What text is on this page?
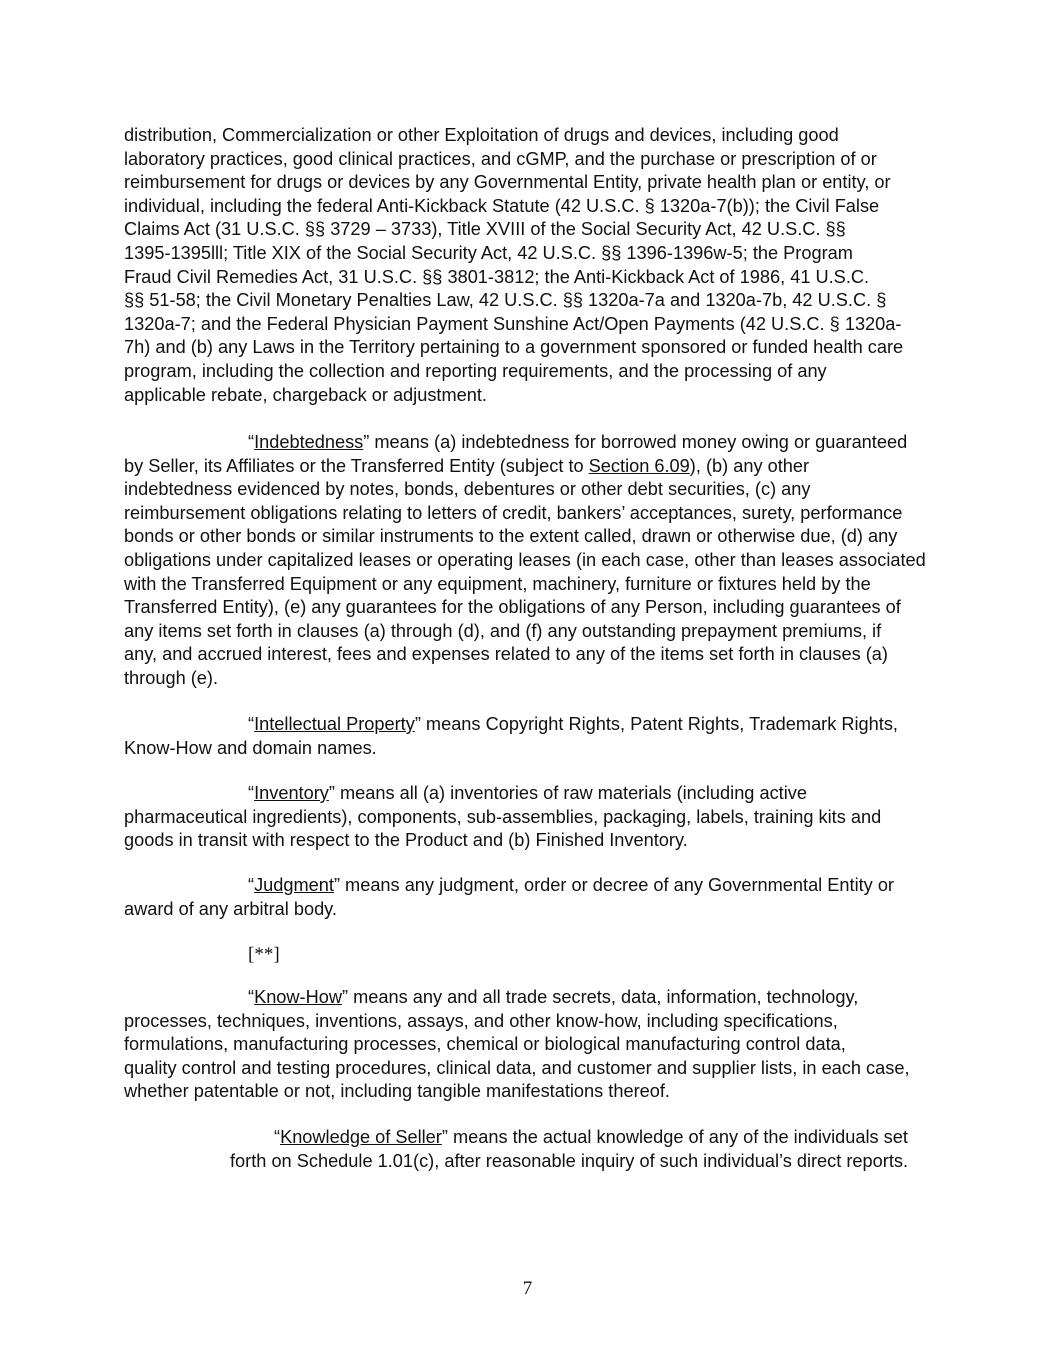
distribution, Commercialization or other Exploitation of drugs and devices, including good
laboratory practices, good clinical practices, and cGMP, and the purchase or prescription of or
reimbursement for drugs or devices by any Governmental Entity, private health plan or entity, or
individual, including the federal Anti-Kickback Statute (42 U.S.C. § 1320a-7(b)); the Civil False
Claims Act (31 U.S.C. §§ 3729 – 3733), Title XVIII of the Social Security Act, 42 U.S.C. §§
1395-1395lll; Title XIX of the Social Security Act, 42 U.S.C. §§ 1396-1396w-5; the Program
Fraud Civil Remedies Act, 31 U.S.C. §§ 3801-3812; the Anti-Kickback Act of 1986, 41 U.S.C.
§§ 51-58; the Civil Monetary Penalties Law, 42 U.S.C. §§ 1320a-7a and 1320a-7b, 42 U.S.C. §
1320a-7; and the Federal Physician Payment Sunshine Act/Open Payments (42 U.S.C. § 1320a-
7h) and (b) any Laws in the Territory pertaining to a government sponsored or funded health care
program, including the collection and reporting requirements, and the processing of any
applicable rebate, chargeback or adjustment.
“Indebtedness” means (a) indebtedness for borrowed money owing or guaranteed
by Seller, its Affiliates or the Transferred Entity (subject to Section 6.09), (b) any other
indebtedness evidenced by notes, bonds, debentures or other debt securities, (c) any
reimbursement obligations relating to letters of credit, bankers’ acceptances, surety, performance
bonds or other bonds or similar instruments to the extent called, drawn or otherwise due, (d) any
obligations under capitalized leases or operating leases (in each case, other than leases associated
with the Transferred Equipment or any equipment, machinery, furniture or fixtures held by the
Transferred Entity), (e) any guarantees for the obligations of any Person, including guarantees of
any items set forth in clauses (a) through (d), and (f) any outstanding prepayment premiums, if
any, and accrued interest, fees and expenses related to any of the items set forth in clauses (a)
through (e).
“Intellectual Property” means Copyright Rights, Patent Rights, Trademark Rights,
Know-How and domain names.
“Inventory” means all (a) inventories of raw materials (including active
pharmaceutical ingredients), components, sub-assemblies, packaging, labels, training kits and
goods in transit with respect to the Product and (b) Finished Inventory.
“Judgment” means any judgment, order or decree of any Governmental Entity or
award of any arbitral body.
[**]
“Know-How” means any and all trade secrets, data, information, technology,
processes, techniques, inventions, assays, and other know-how, including specifications,
formulations, manufacturing processes, chemical or biological manufacturing control data,
quality control and testing procedures, clinical data, and customer and supplier lists, in each case,
whether patentable or not, including tangible manifestations thereof.
“Knowledge of Seller” means the actual knowledge of any of the individuals set
forth on Schedule 1.01(c), after reasonable inquiry of such individual’s direct reports.
7
